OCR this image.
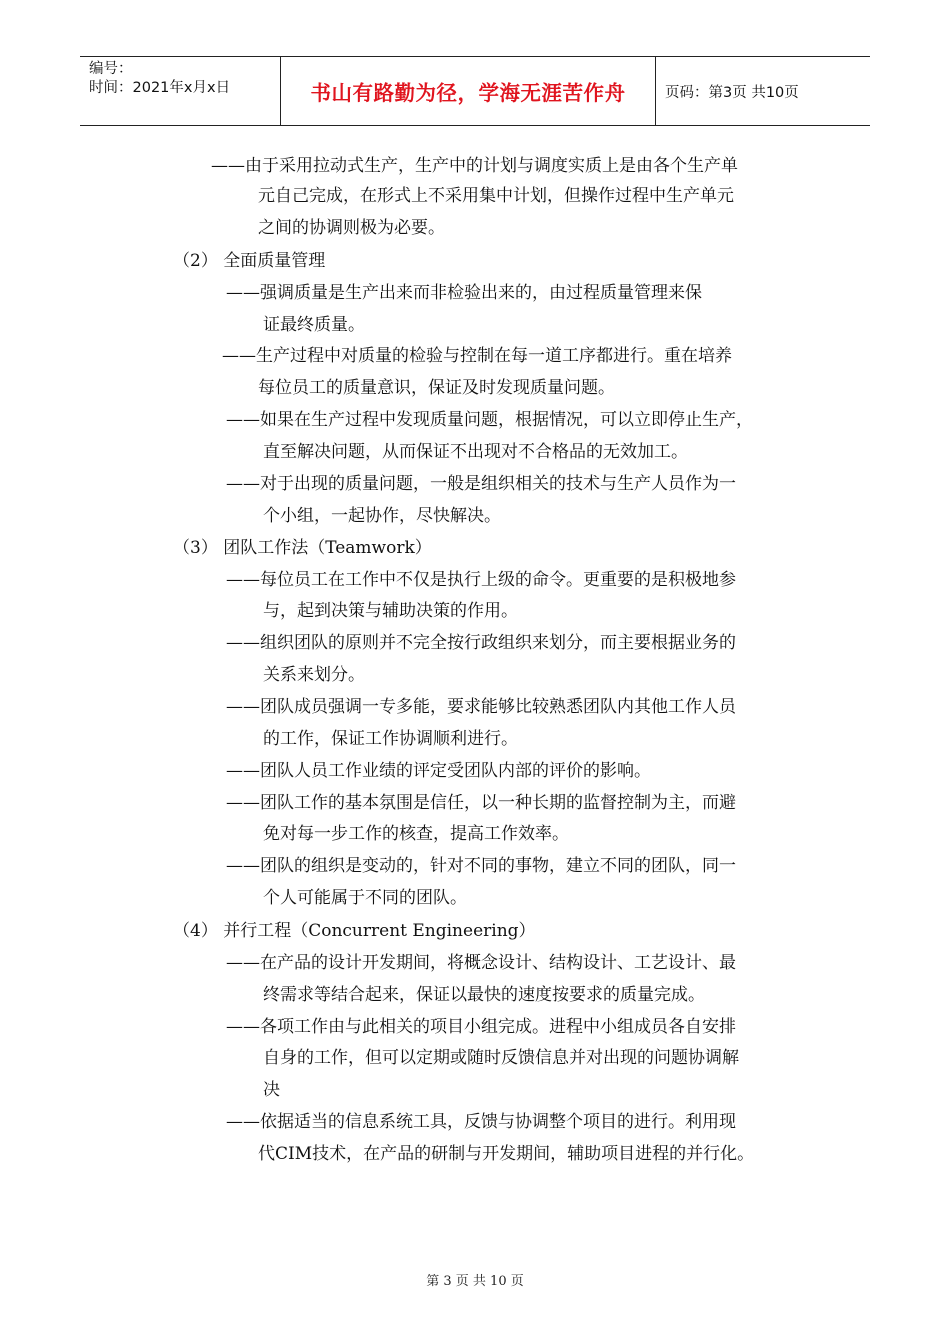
编号：
时间：2021年x月x日	书山有路勤为径，学海无涯苦作舟	页码：第3页 共10页
——由于采用拉动式生产，生产中的计划与调度实质上是由各个生产单
元自己完成，在形式上不采用集中计划，但操作过程中生产单元
之间的协调则极为必要。
（2） 全面质量管理
——强调质量是生产出来而非检验出来的，由过程质量管理来保
证最终质量。
——生产过程中对质量的检验与控制在每一道工序都进行。重在培养
每位员工的质量意识，保证及时发现质量问题。
——如果在生产过程中发现质量问题，根据情况，可以立即停止生产，
直至解决问题，从而保证不出现对不合格品的无效加工。
——对于出现的质量问题，一般是组织相关的技术与生产人员作为一
个小组，一起协作，尽快解决。
（3） 团队工作法（Teamwork）
——每位员工在工作中不仅是执行上级的命令。更重要的是积极地参
与，起到决策与辅助决策的作用。
——组织团队的原则并不完全按行政组织来划分，而主要根据业务的
关系来划分。
——团队成员强调一专多能，要求能够比较熟悉团队内其他工作人员
的工作，保证工作协调顺利进行。
——团队人员工作业绩的评定受团队内部的评价的影响。
——团队工作的基本氛围是信任，以一种长期的监督控制为主，而避
免对每一步工作的核查，提高工作效率。
——团队的组织是变动的，针对不同的事物，建立不同的团队，同一
个人可能属于不同的团队。
（4） 并行工程（Concurrent Engineering）
——在产品的设计开发期间，将概念设计、结构设计、工艺设计、最
终需求等结合起来，保证以最快的速度按要求的质量完成。
——各项工作由与此相关的项目小组完成。进程中小组成员各自安排
自身的工作，但可以定期或随时反馈信息并对出现的问题协调解
决
——依据适当的信息系统工具，反馈与协调整个项目的进行。利用现
代CIM技术，在产品的研制与开发期间，辅助项目进程的并行化。
第 3 页 共 10 页
